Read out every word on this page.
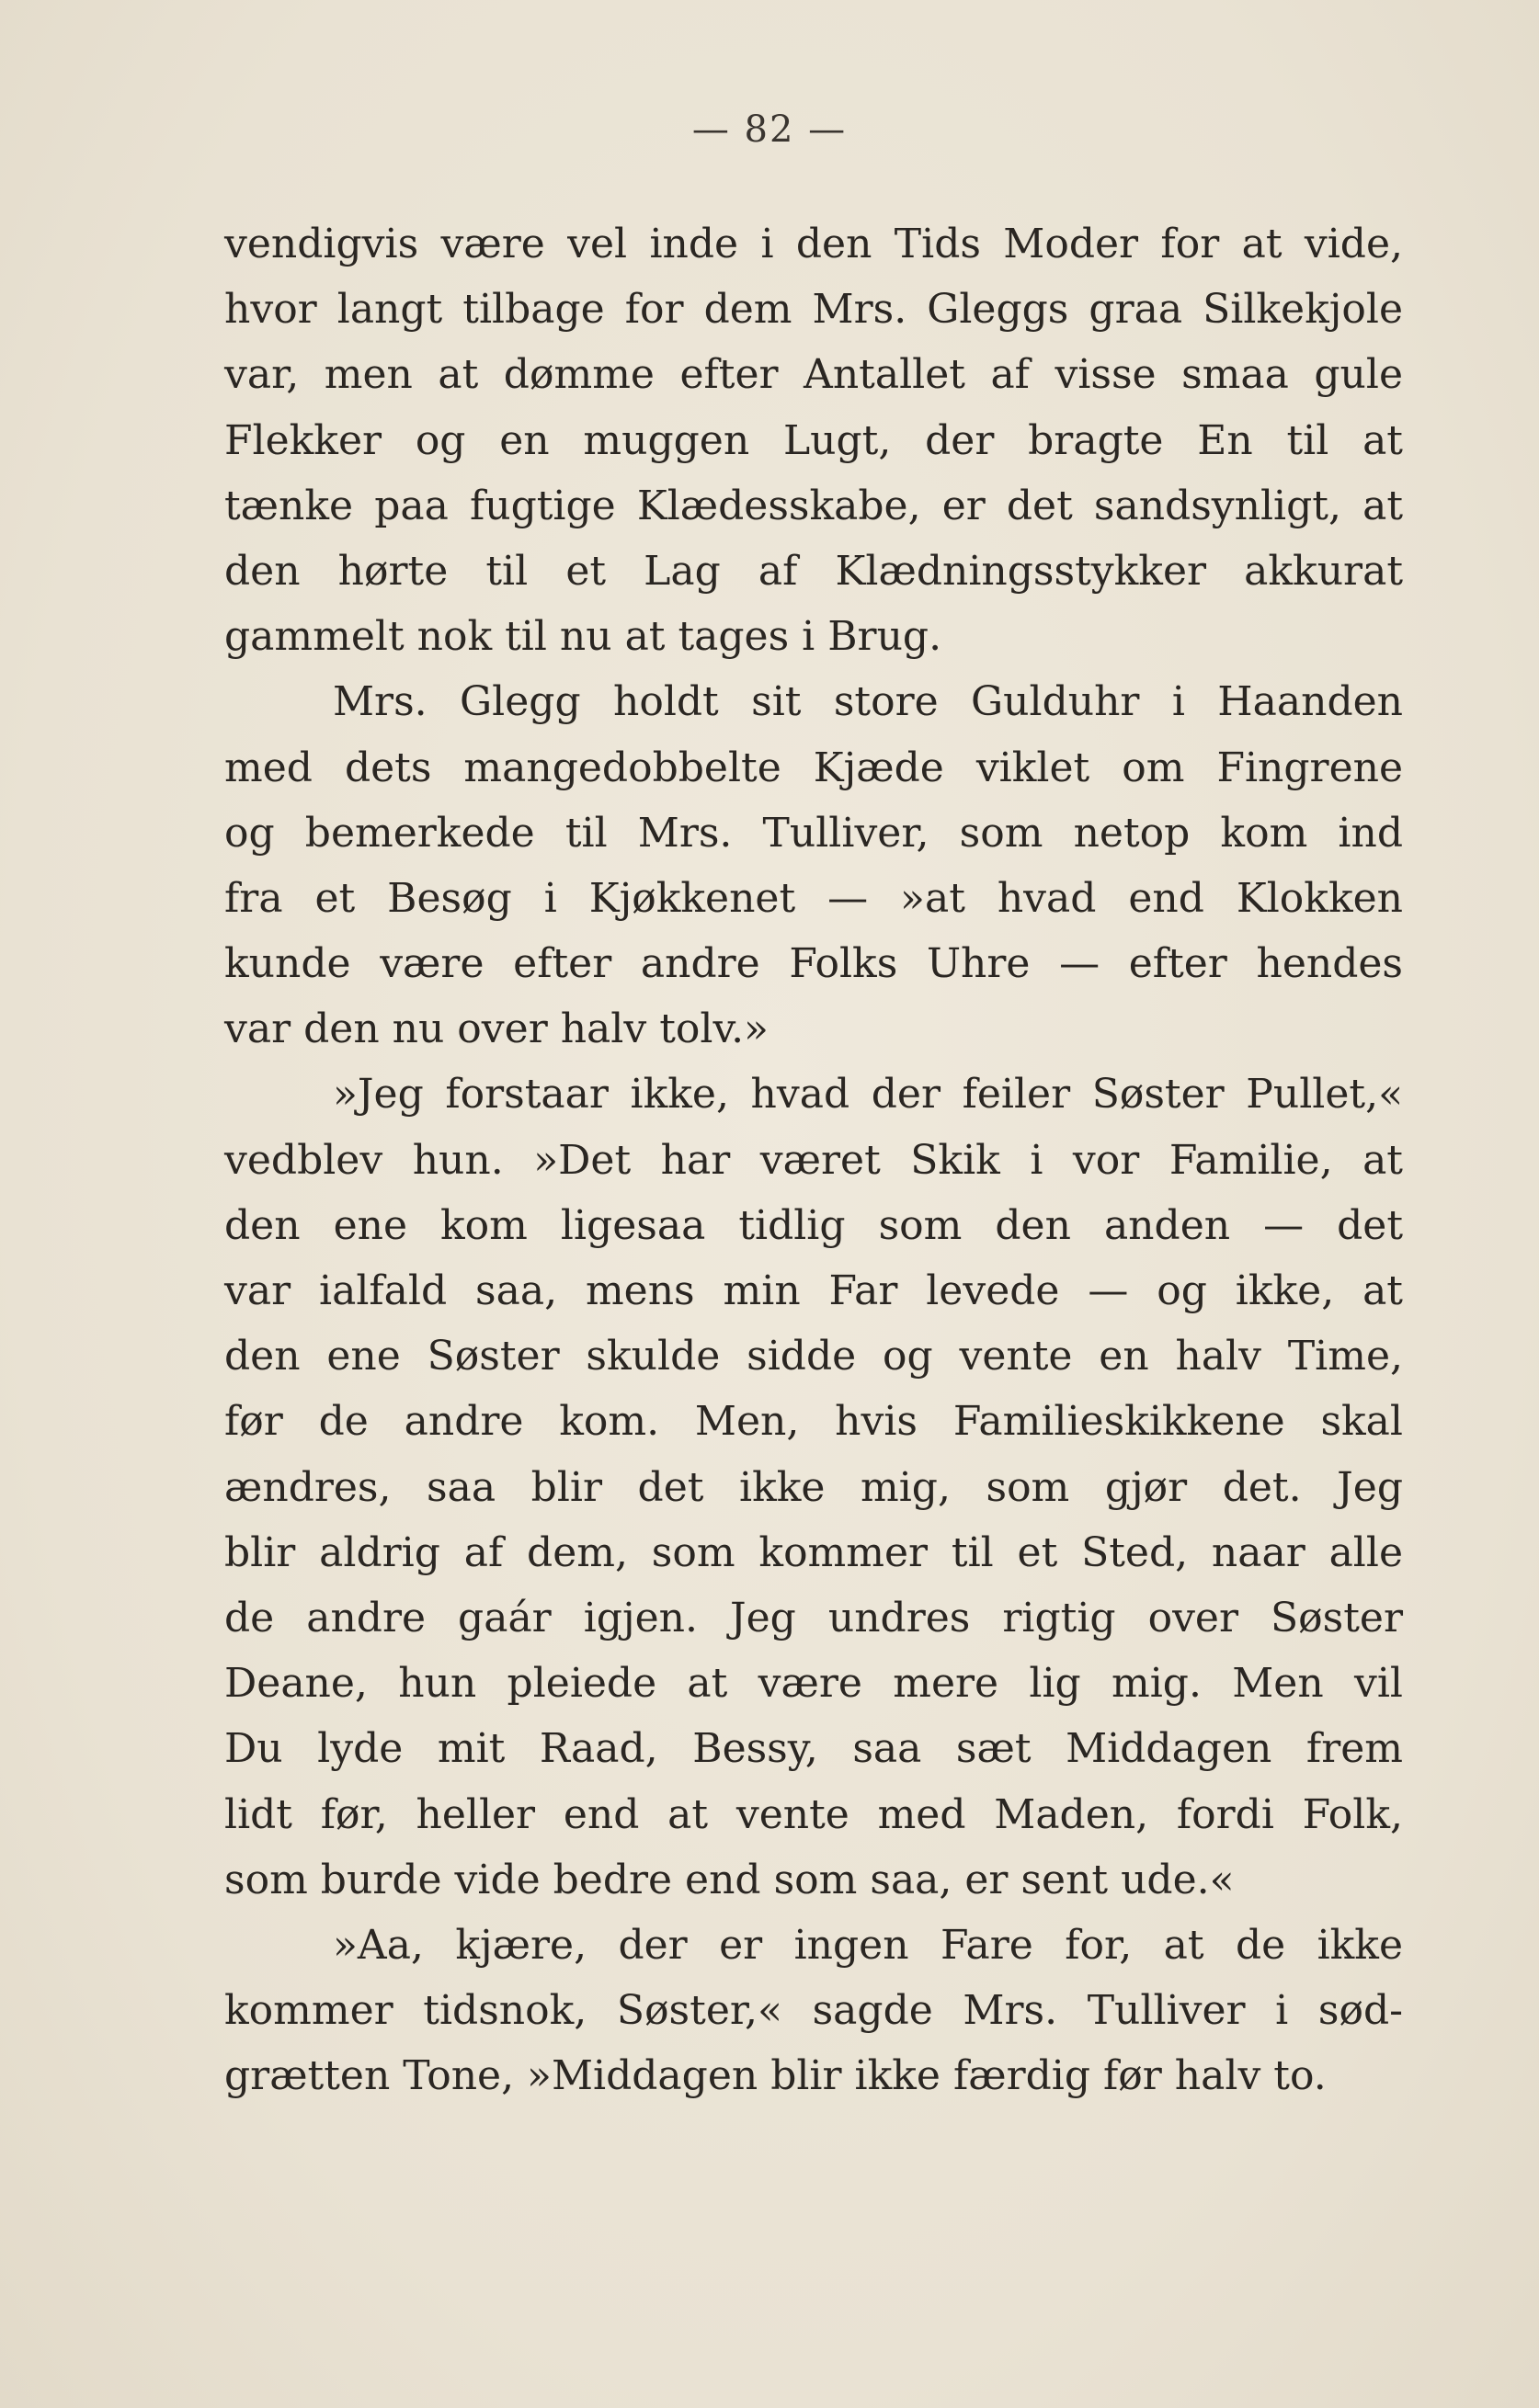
— 82 —
vendigvis være vel inde i den Tids Moder for at vide,
hvor langt tilbage for dem Mrs. Gleggs graa Silkekjole
var, men at dømme efter Antallet af visse smaa gule
Flekker og en muggen Lugt, der bragte En til at
tænke paa fugtige Klædesskabe, er det sandsynligt, at
den hørte til et Lag af Klædningsstykker akkurat
gammelt nok til nu at tages i Brug.
Mrs. Glegg holdt sit store Gulduhr i Haanden
med dets mangedobbelte Kjæde viklet om Fingrene
og bemerkede til Mrs. Tulliver, som netop kom ind
fra et Besøg i Kjøkkenet — »at hvad end Klokken
kunde være efter andre Folks Uhre — efter hendes
var den nu over halv tolv.»
»Jeg forstaar ikke, hvad der feiler Søster Pullet,«
vedblev hun. »Det har været Skik i vor Familie, at
den ene kom ligesaa tidlig som den anden — det
var ialfald saa, mens min Far levede — og ikke, at
den ene Søster skulde sidde og vente en halv Time,
før de andre kom. Men, hvis Familieskikkene skal
ændres, saa blir det ikke mig, som gjør det. Jeg
blir aldrig af dem, som kommer til et Sted, naar alle
de andre gaár igjen. Jeg undres rigtig over Søster
Deane, hun pleiede at være mere lig mig. Men vil
Du lyde mit Raad, Bessy, saa sæt Middagen frem
lidt før, heller end at vente med Maden, fordi Folk,
som burde vide bedre end som saa, er sent ude.«
»Aa, kjære, der er ingen Fare for, at de ikke
kommer tidsnok, Søster,« sagde Mrs. Tulliver i sød-
grætten Tone, »Middagen blir ikke færdig før halv to.
